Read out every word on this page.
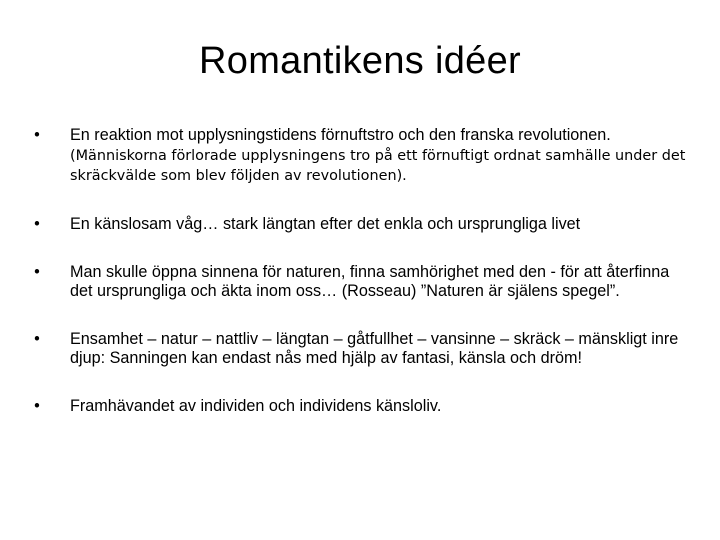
Romantikens idéer
• En reaktion mot upplysningstidens förnuftstro och den franska revolutionen. (Människorna förlorade upplysningens tro på ett förnuftigt ordnat samhälle under det skräckvälde som blev följden av revolutionen).
• En känslosam våg… stark längtan efter det enkla och ursprungliga livet
• Man skulle öppna sinnena för naturen, finna samhörighet med den - för att återfinna det ursprungliga och äkta inom oss… (Rosseau) ”Naturen är själens spegel”.
• Ensamhet – natur – nattliv – längtan – gåtfullhet – vansinne – skräck – mänskligt inre djup: Sanningen kan endast nås med hjälp av fantasi, känsla och dröm!
• Framhävandet av individen och individens känsloliv.
